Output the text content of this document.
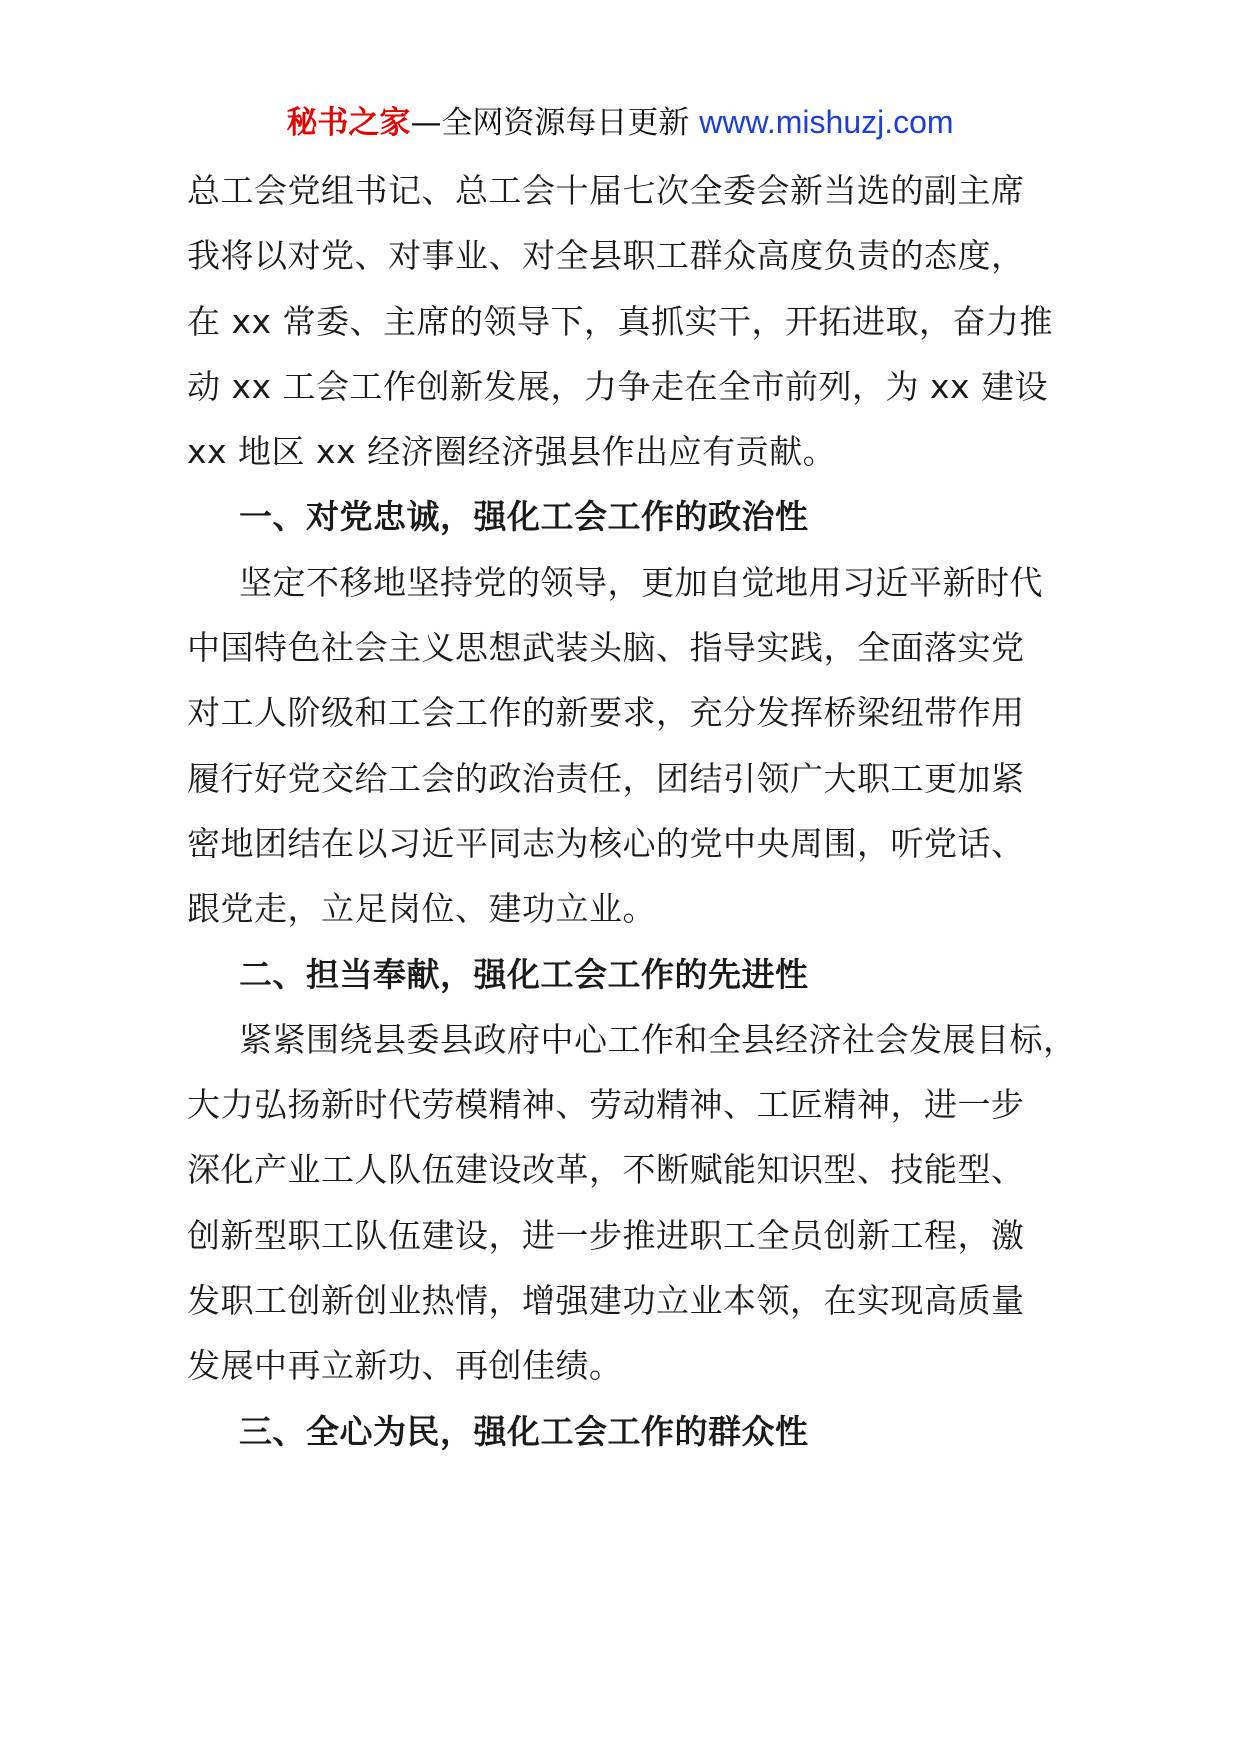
秘书之家—全网资源每日更新 www.mishuzj.com
总工会党组书记、总工会十届七次全委会新当选的副主席
我将以对党、对事业、对全县职工群众高度负责的态度，
在 xx 常委、主席的领导下，真抓实干，开拓进取，奋力推
动 xx 工会工作创新发展，力争走在全市前列，为 xx 建设
xx 地区 xx 经济圈经济强县作出应有贡献。
一、对党忠诚，强化工会工作的政治性
坚定不移地坚持党的领导，更加自觉地用习近平新时代
中国特色社会主义思想武装头脑、指导实践，全面落实党
对工人阶级和工会工作的新要求，充分发挥桥梁纽带作用
履行好党交给工会的政治责任，团结引领广大职工更加紧
密地团结在以习近平同志为核心的党中央周围，听党话、
跟党走，立足岗位、建功立业。
二、担当奉献，强化工会工作的先进性
紧紧围绕县委县政府中心工作和全县经济社会发展目标，
大力弘扬新时代劳模精神、劳动精神、工匠精神，进一步
深化产业工人队伍建设改革，不断赋能知识型、技能型、
创新型职工队伍建设，进一步推进职工全员创新工程，激
发职工创新创业热情，增强建功立业本领，在实现高质量
发展中再立新功、再创佳绩。
三、全心为民，强化工会工作的群众性
